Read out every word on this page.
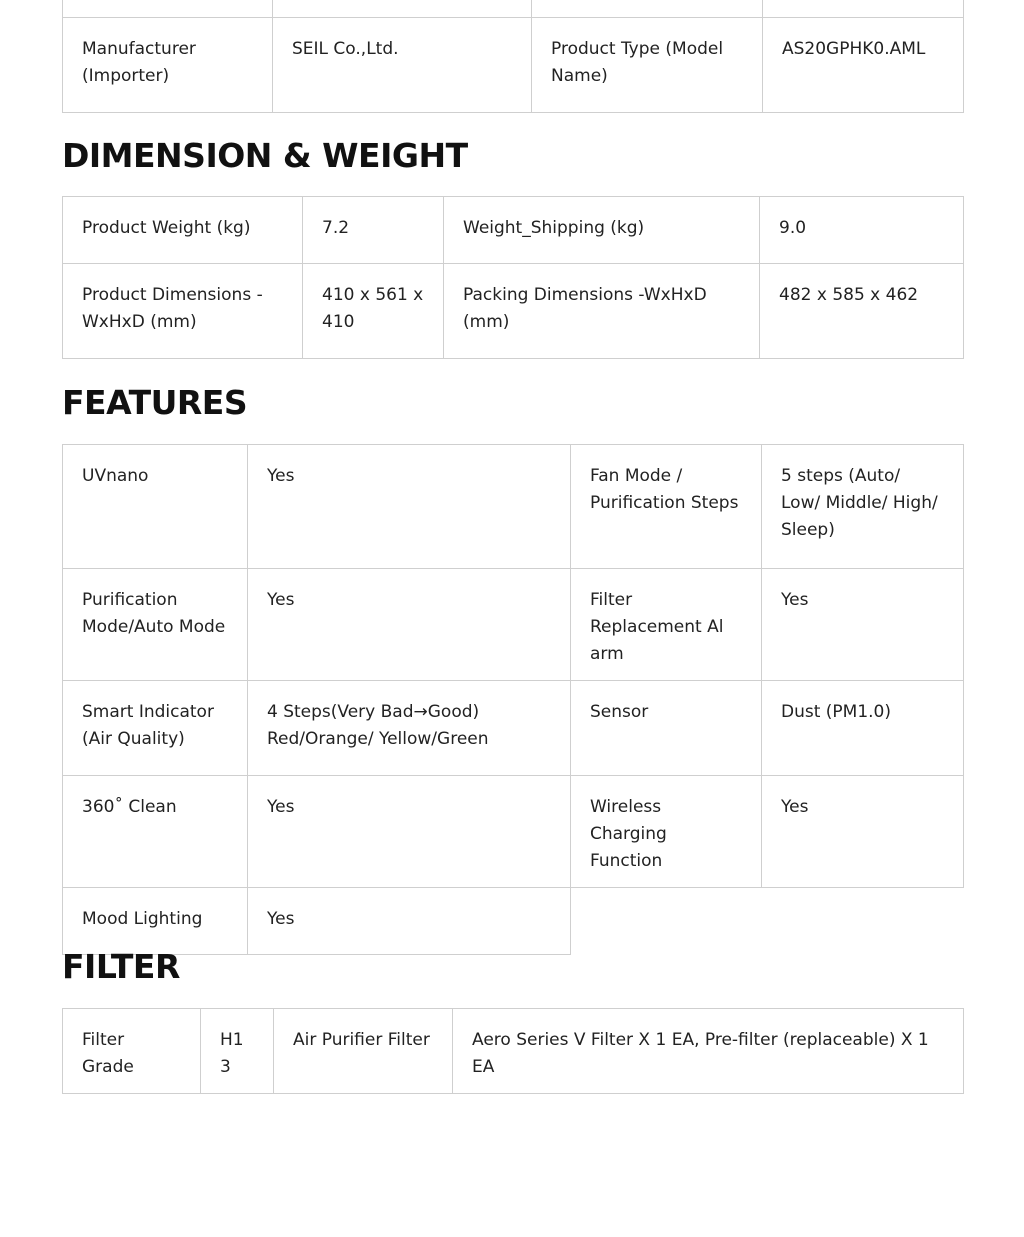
Manufacturer (Importer)	SEIL Co.,Ltd.	Product Type (Model Name)	AS20GPHK0.AML
DIMENSION & WEIGHT
Product Weight (kg)	7.2	Weight_Shipping (kg)	9.0
Product Dimensions - WxHxD (mm)	410 x 561 x 410	Packing Dimensions -WxHxD (mm)	482 x 585 x 462
FEATURES
UVnano	Yes	Fan Mode / Purification Steps	5 steps (Auto/ Low/ Middle/ High/ Sleep)
Purification Mode/Auto Mode	Yes	Filter Replacement Al arm	Yes
Smart Indicator (Air Quality)	4 Steps(Very Bad→Good) Red/Orange/ Yellow/Green	Sensor	Dust (PM1.0)
360˚ Clean	Yes	Wireless Charging Function	Yes
Mood Lighting	Yes		
FILTER
Filter Grade	H13	Air Purifier Filter	Aero Series V Filter X 1 EA, Pre-filter (replaceable) X 1 EA
